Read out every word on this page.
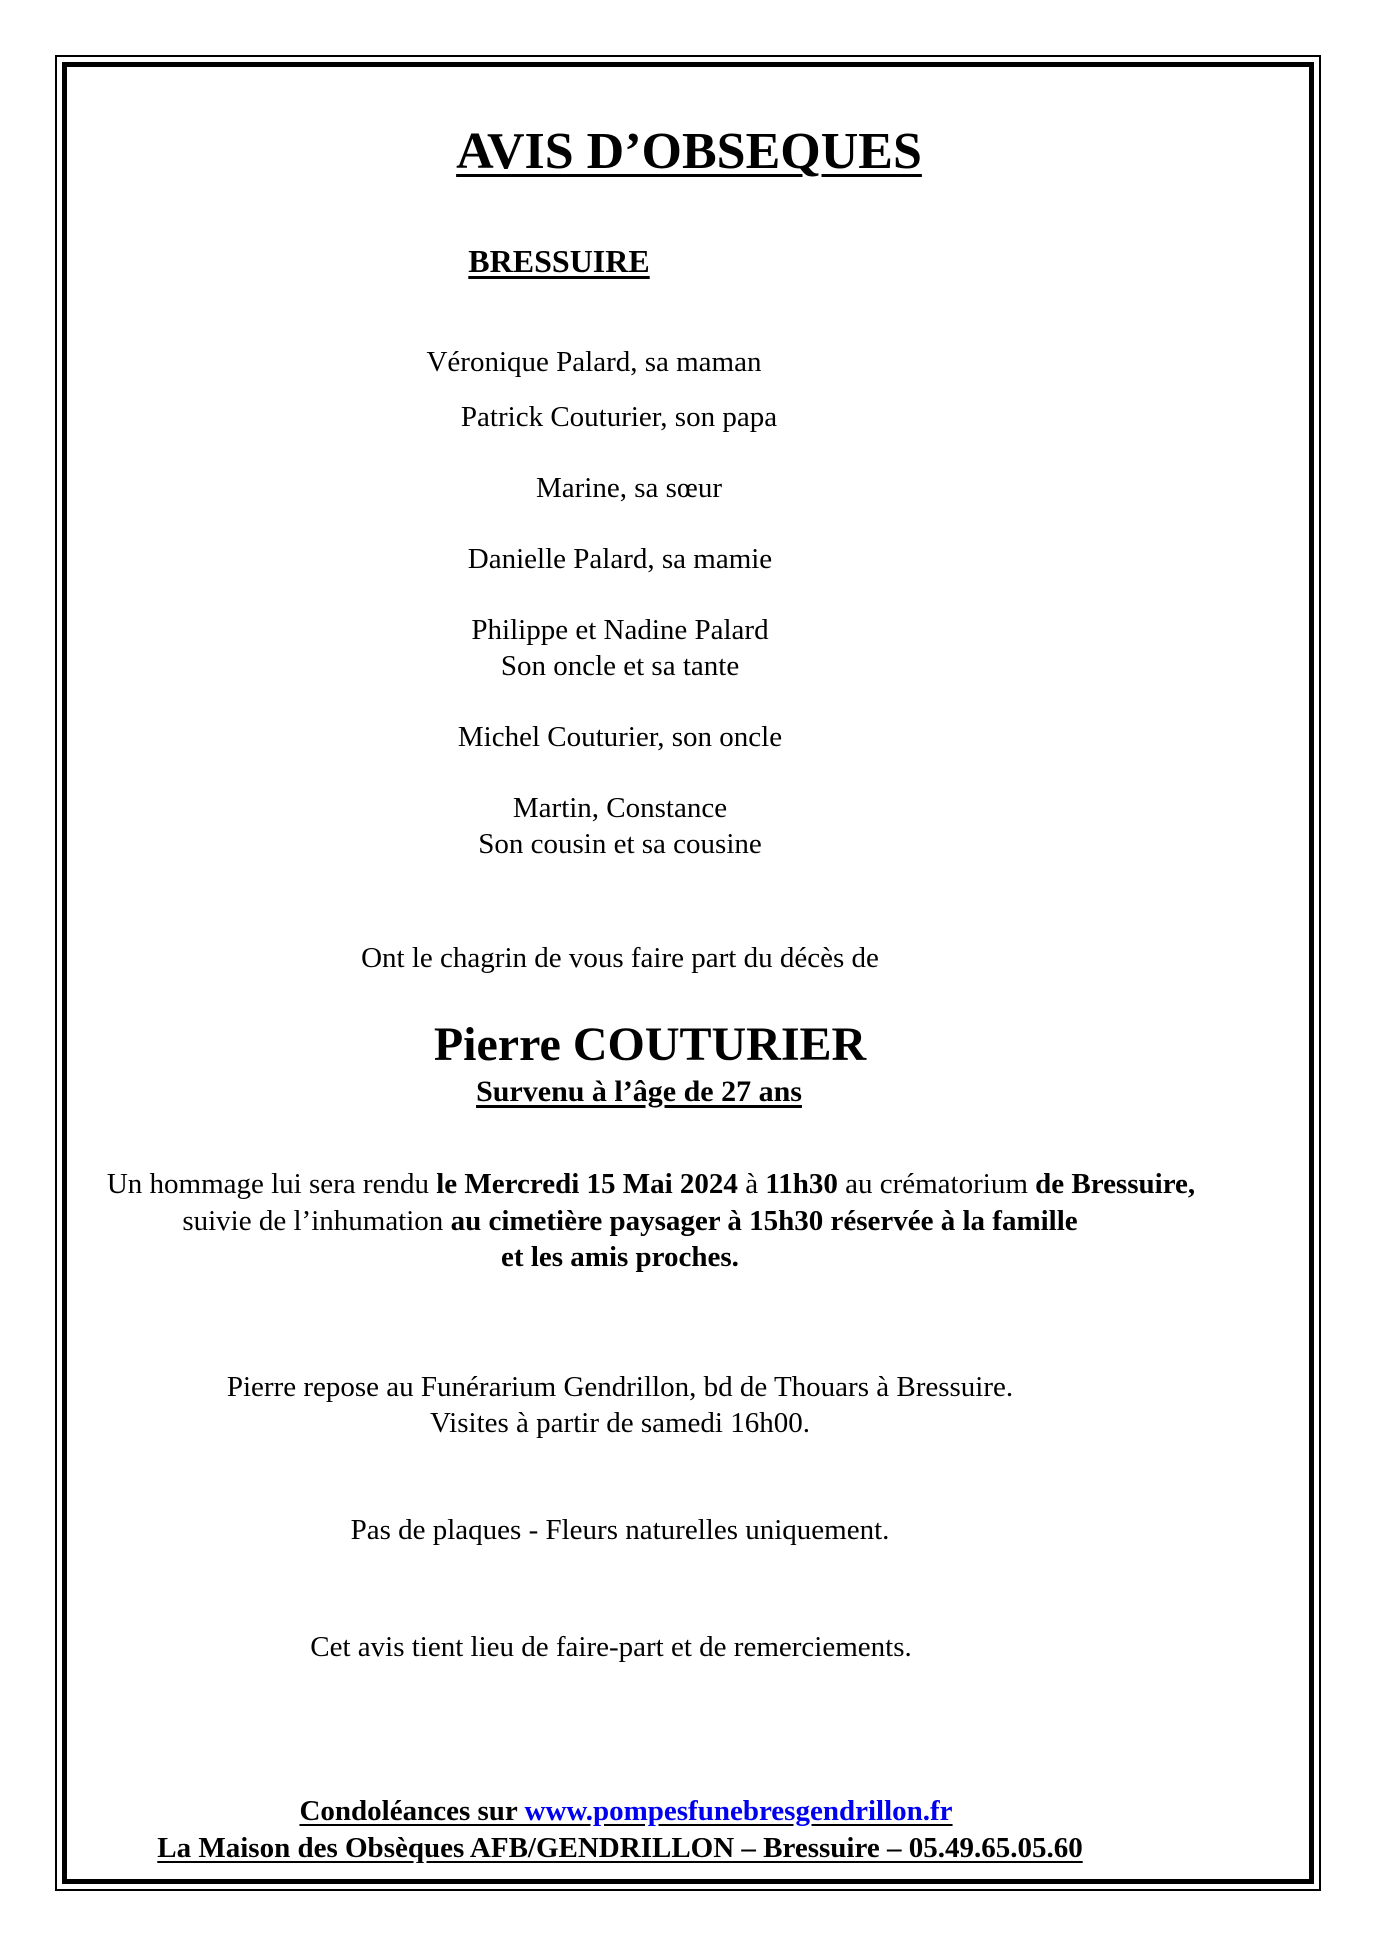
AVIS D’OBSEQUES
BRESSUIRE
Véronique Palard, sa maman
Patrick Couturier, son papa
Marine, sa sœur
Danielle Palard, sa mamie
Philippe et Nadine Palard
Son oncle et sa tante
Michel Couturier, son oncle
Martin, Constance
Son cousin et sa cousine
Ont le chagrin de vous faire part du décès de
Pierre COUTURIER
Survenu à l’âge de 27 ans
Un hommage lui sera rendu le Mercredi 15 Mai 2024 à 11h30 au crématorium de Bressuire,
suivie de l’inhumation au cimetière paysager à 15h30 réservée à la famille
et les amis proches.
Pierre repose au Funérarium Gendrillon, bd de Thouars à Bressuire.
Visites à partir de samedi 16h00.
Pas de plaques - Fleurs naturelles uniquement.
Cet avis tient lieu de faire-part et de remerciements.
Condoléances sur www.pompesfunebresgendrillon.fr
La Maison des Obsèques AFB/GENDRILLON – Bressuire – 05.49.65.05.60
